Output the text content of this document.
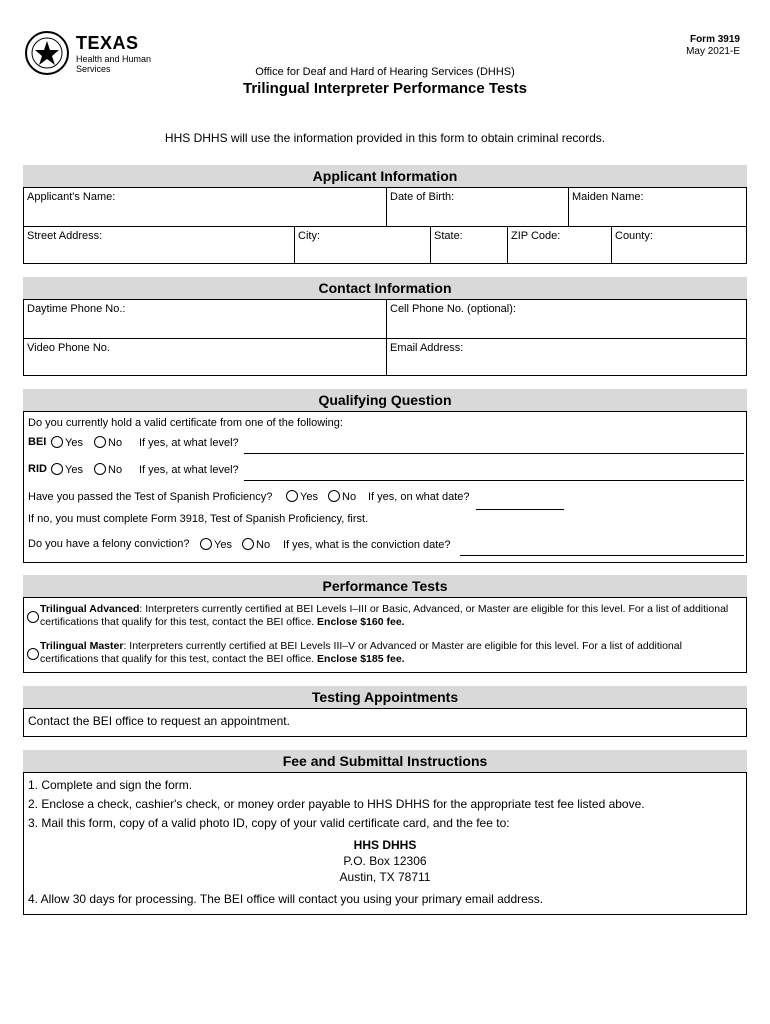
TEXAS
Health and Human
Services
Form 3919
May 2021-E
Office for Deaf and Hard of Hearing Services (DHHS)
Trilingual Interpreter Performance Tests
HHS DHHS will use the information provided in this form to obtain criminal records.
Applicant Information
Applicant's Name:	Date of Birth:	Maiden Name:
Street Address:	City:	State:	ZIP Code:	County:
Contact Information
Daytime Phone No.:	Cell Phone No. (optional):
Video Phone No.	Email Address:
Qualifying Question
Do you currently hold a valid certificate from one of the following:
BEI	Yes	No If yes, at what level?
RID	Yes	No If yes, at what level?
Have you passed the Test of Spanish Proficiency?	Yes	No If yes, on what date?
If no, you must complete Form 3918, Test of Spanish Proficiency, first.
Do you have a felony conviction?	Yes	No If yes, what is the conviction date?
Performance Tests
Trilingual Advanced: Interpreters currently certified at BEI Levels I–III or Basic, Advanced, or Master are eligible for this level. For a list of additional certifications that qualify for this test, contact the BEI office. Enclose $160 fee.
Trilingual Master: Interpreters currently certified at BEI Levels III–V or Advanced or Master are eligible for this level. For a list of additional certifications that qualify for this test, contact the BEI office. Enclose $185 fee.
Testing Appointments
Contact the BEI office to request an appointment.
Fee and Submittal Instructions
1. Complete and sign the form.
2. Enclose a check, cashier's check, or money order payable to HHS DHHS for the appropriate test fee listed above.
3. Mail this form, copy of a valid photo ID, copy of your valid certificate card, and the fee to:
HHS DHHS
P.O. Box 12306
Austin, TX 78711
4. Allow 30 days for processing. The BEI office will contact you using your primary email address.
